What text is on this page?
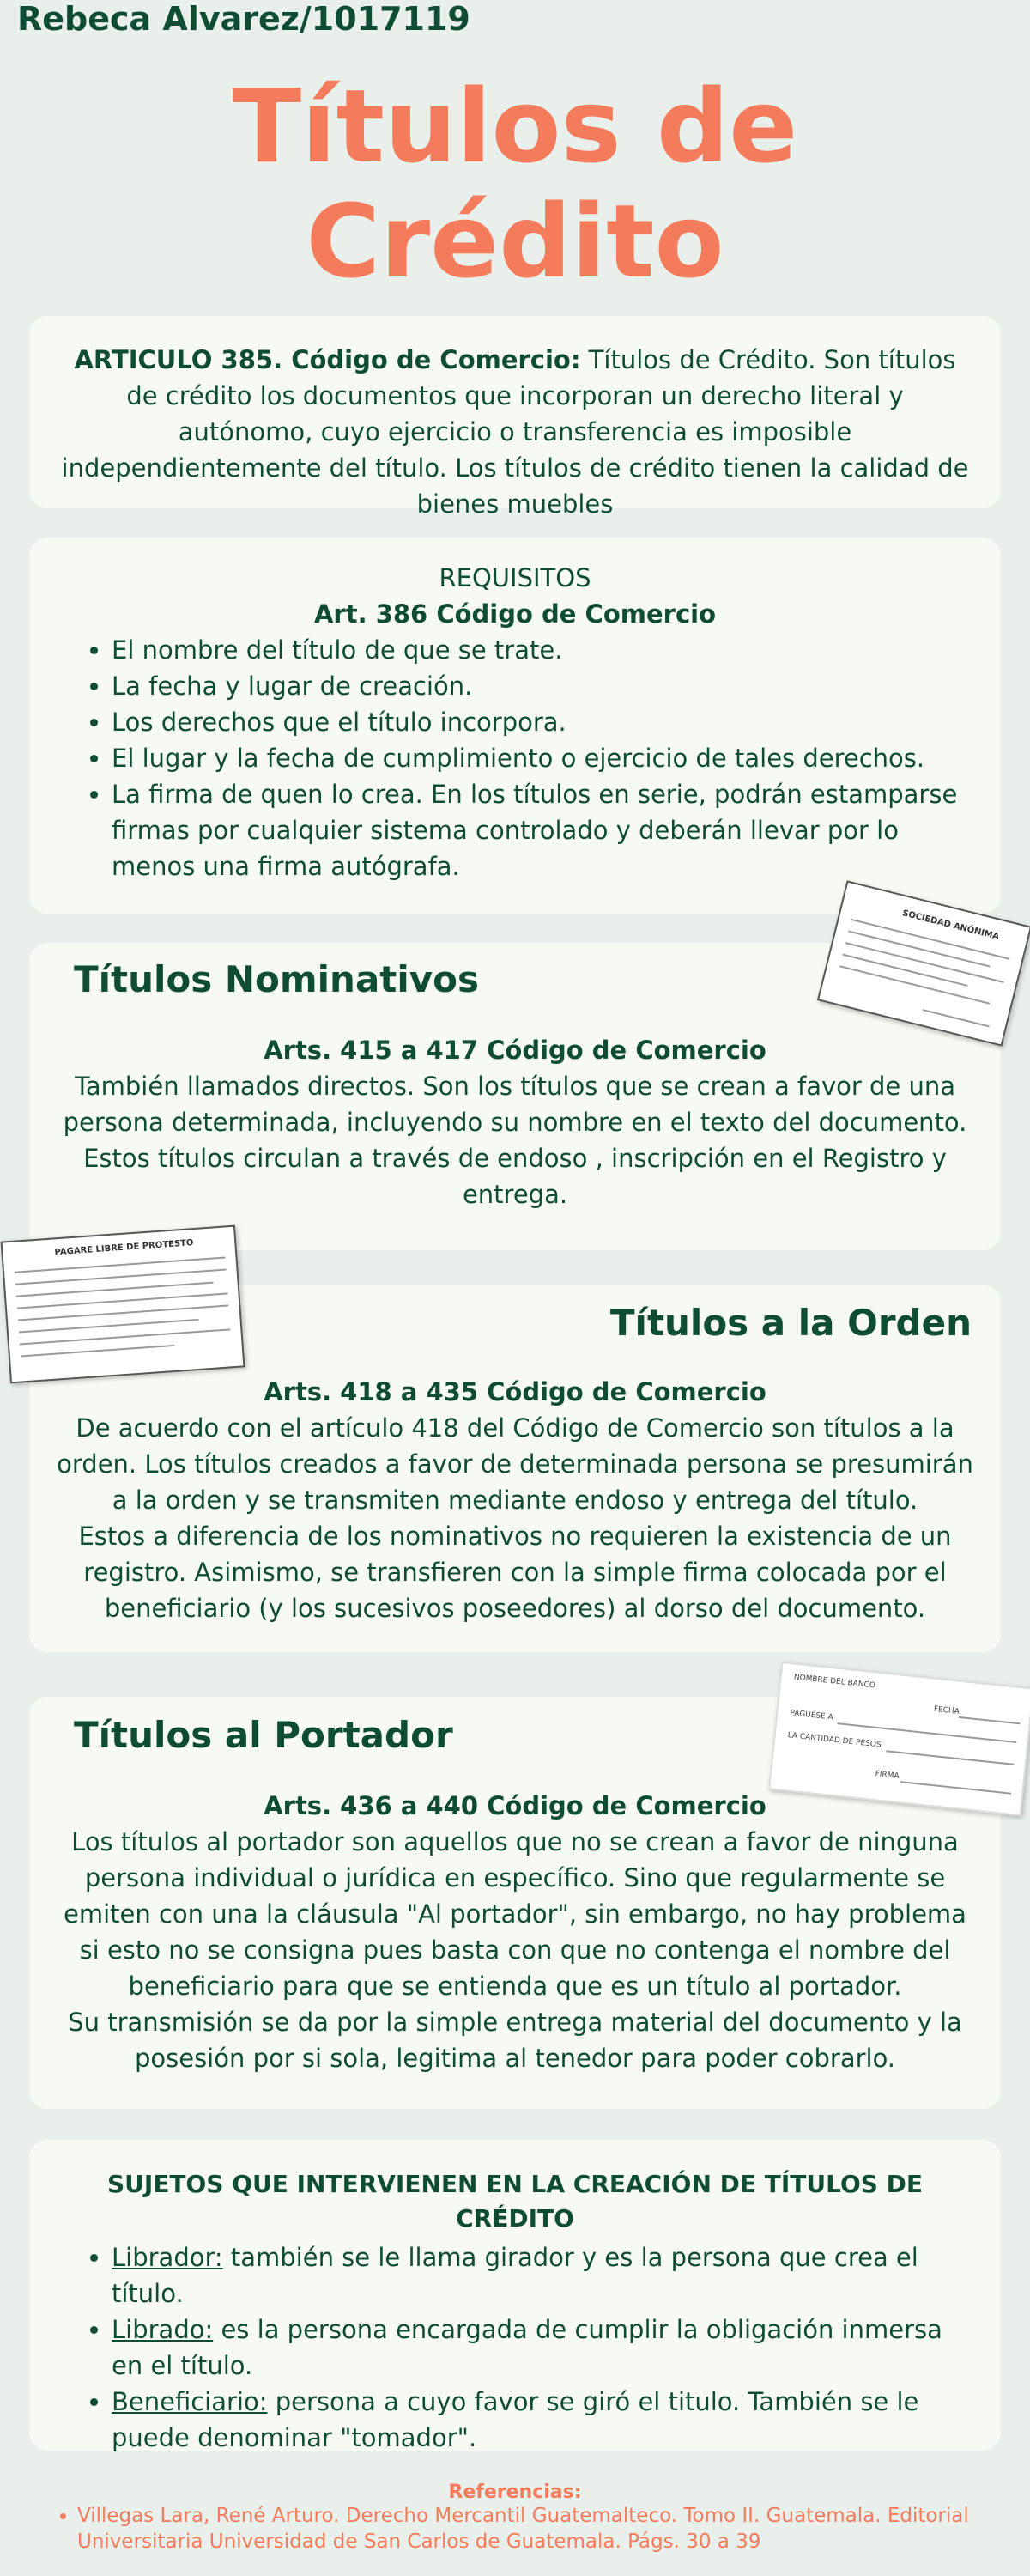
Rebeca Alvarez/1017119
Títulos de
Crédito

ARTICULO 385. Código de Comercio: Títulos de Crédito. Son títulos de crédito los documentos que incorporan un derecho literal y autónomo, cuyo ejercicio o transferencia es imposible independientemente del título. Los títulos de crédito tienen la calidad de bienes muebles

REQUISITOS
Art. 386 Código de Comercio
• El nombre del título de que se trate.
• La fecha y lugar de creación.
• Los derechos que el título incorpora.
• El lugar y la fecha de cumplimiento o ejercicio de tales derechos.
• La firma de quen lo crea. En los títulos en serie, podrán estamparse firmas por cualquier sistema controlado y deberán llevar por lo menos una firma autógrafa.
Títulos Nominativos
Arts. 415 a 417 Código de Comercio

También llamados directos. Son los títulos que se crean a favor de una persona determinada, incluyendo su nombre en el texto del documento. Estos títulos circulan a través de endoso , inscripción en el Registro y entrega.

Títulos a la Orden
Arts. 418 a 435 Código de Comercio

De acuerdo con el artículo 418 del Código de Comercio son títulos a la orden. Los títulos creados a favor de determinada persona se presumirán a la orden y se transmiten mediante endoso y entrega del título.

Estos a diferencia de los nominativos no requieren la existencia de un registro. Asimismo, se transfieren con la simple firma colocada por el beneficiario (y los sucesivos poseedores) al dorso del documento.

Títulos al Portador
Arts. 436 a 440 Código de Comercio

Los títulos al portador son aquellos que no se crean a favor de ninguna persona individual o jurídica en específico. Sino que regularmente se emiten con una la cláusula "Al portador", sin embargo, no hay problema si esto no se consigna pues basta con que no contenga el nombre del beneficiario para que se entienda que es un título al portador.

Su transmisión se da por la simple entrega material del documento y la posesión por si sola, legitima al tenedor para poder cobrarlo.

SUJETOS QUE INTERVIENEN EN LA CREACIÓN DE TÍTULOS DE CRÉDITO
• Librador: también se le llama girador y es la persona que crea el título.
• Librado: es la persona encargada de cumplir la obligación inmersa en el título.
• Beneficiario: persona a cuyo favor se giró el titulo. También se le puede denominar "tomador".
SOCIEDAD ANÓNIMA
PAGARE LIBRE DE PROTESTO
NOMBRE DEL BANCO
FECHA
PAGUESE A
LA CANTIDAD DE PESOS
FIRMA
Referencias:
• Villegas Lara, René Arturo. Derecho Mercantil Guatemalteco. Tomo II. Guatemala. Editorial Universitaria Universidad de San Carlos de Guatemala. Págs. 30 a 39
